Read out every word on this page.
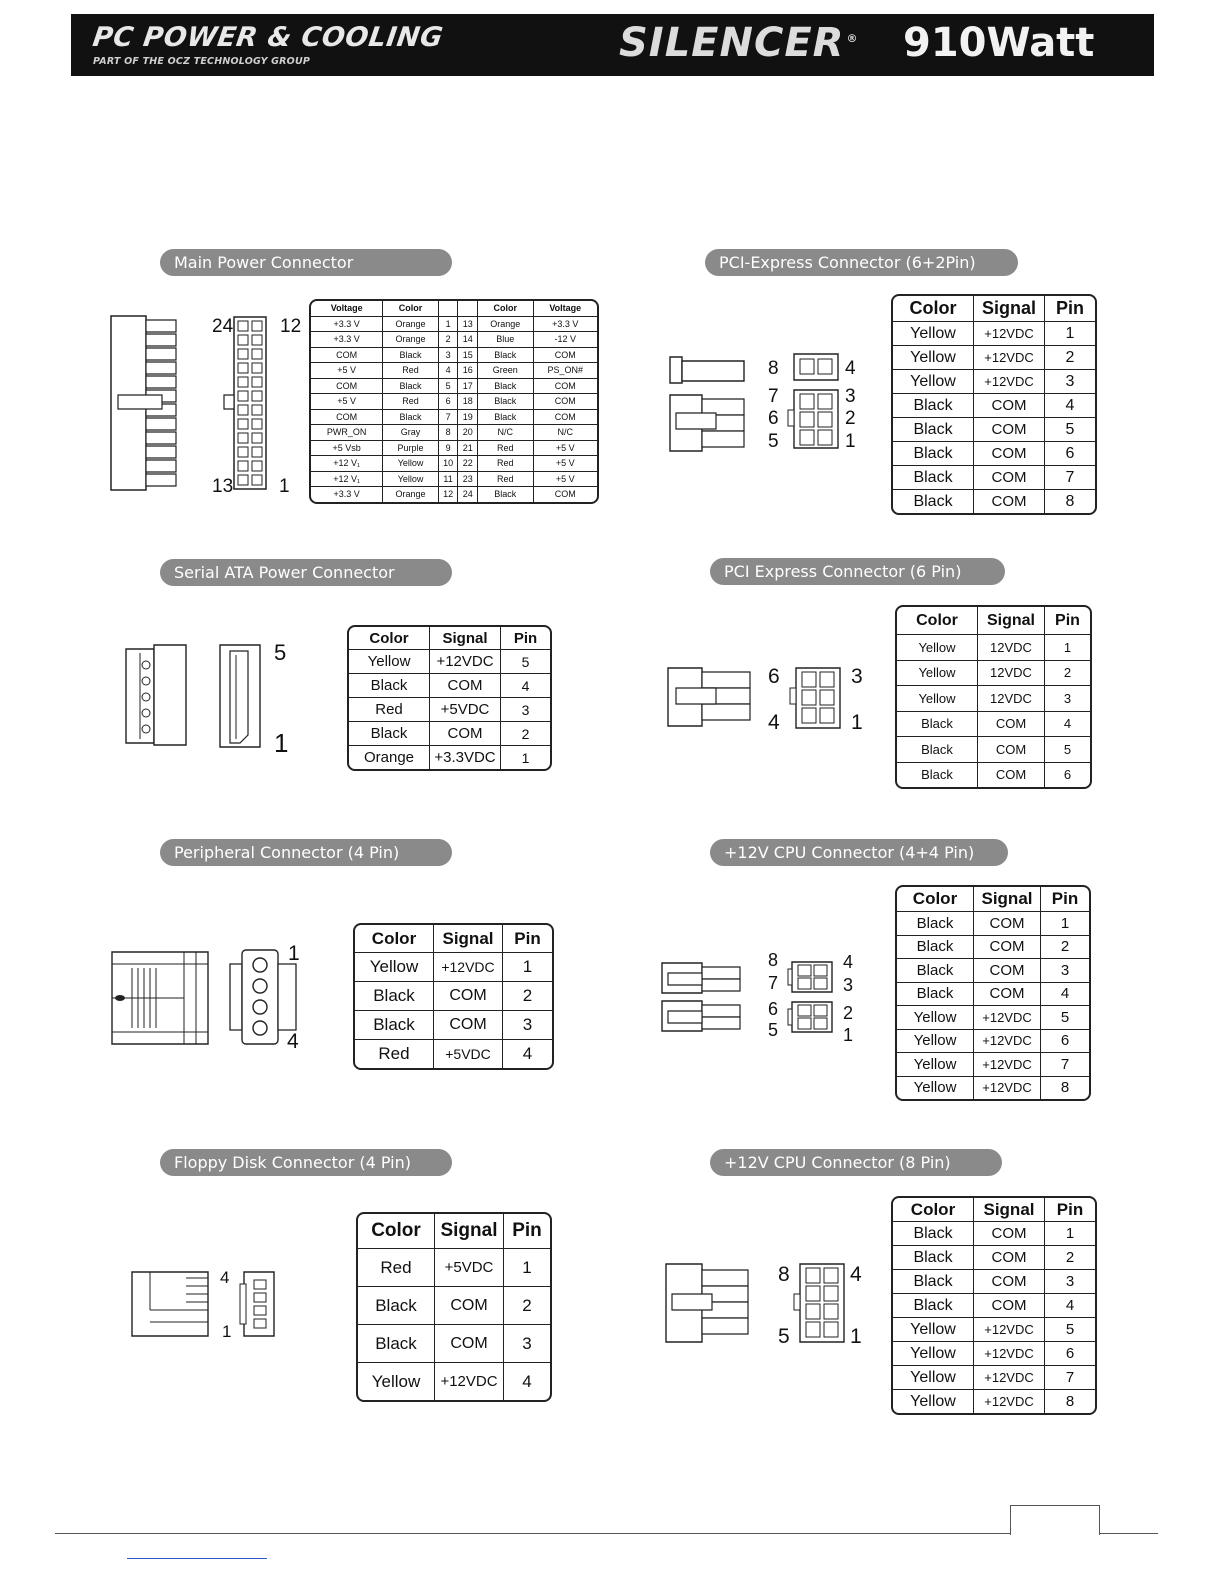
PC POWER & COOLING
PART OF THE OCZ TECHNOLOGY GROUP	SILENCER ® 910Watt
Main Power Connector
24 12
13 1
Voltage	Color			Color	Voltage
+3.3 V	Orange	1	13	Orange	+3.3 V
+3.3 V	Orange	2	14	Blue	-12 V
COM	Black	3	15	Black	COM
+5 V	Red	4	16	Green	PS_ON#
COM	Black	5	17	Black	COM
+5 V	Red	6	18	Black	COM
COM	Black	7	19	Black	COM
PWR_ON	Gray	8	20	N/C	N/C
+5 Vsb	Purple	9	21	Red	+5 V
+12 V₁	Yellow	10	22	Red	+5 V
+12 V₁	Yellow	11	23	Red	+5 V
+3.3 V	Orange	12	24	Black	COM
PCI-Express Connector (6+2Pin)
8	4
7	3
6	2
5	1
Color	Signal	Pin
Yellow	+12VDC	1
Yellow	+12VDC	2
Yellow	+12VDC	3
Black	COM	4
Black	COM	5
Black	COM	6
Black	COM	7
Black	COM	8
Serial ATA Power Connector
5
1
Color	Signal	Pin
Yellow	+12VDC	5
Black	COM	4
Red	+5VDC	3
Black	COM	2
Orange	+3.3VDC	1
PCI Express Connector (6 Pin)
6	3
4	1
Color	Signal	Pin
Yellow	12VDC	1
Yellow	12VDC	2
Yellow	12VDC	3
Black	COM	4
Black	COM	5
Black	COM	6
Peripheral Connector (4 Pin)
1
4
Color	Signal	Pin
Yellow	+12VDC	1
Black	COM	2
Black	COM	3
Red	+5VDC	4
+12V CPU Connector (4+4 Pin)
8	4
7	3
6	2
5	1
Color	Signal	Pin
Black	COM	1
Black	COM	2
Black	COM	3
Black	COM	4
Yellow	+12VDC	5
Yellow	+12VDC	6
Yellow	+12VDC	7
Yellow	+12VDC	8
Floppy Disk Connector (4 Pin)
4
1
Color	Signal	Pin
Red	+5VDC	1
Black	COM	2
Black	COM	3
Yellow	+12VDC	4
+12V CPU Connector (8 Pin)
8	4
5	1
Color	Signal	Pin
Black	COM	1
Black	COM	2
Black	COM	3
Black	COM	4
Yellow	+12VDC	5
Yellow	+12VDC	6
Yellow	+12VDC	7
Yellow	+12VDC	8
